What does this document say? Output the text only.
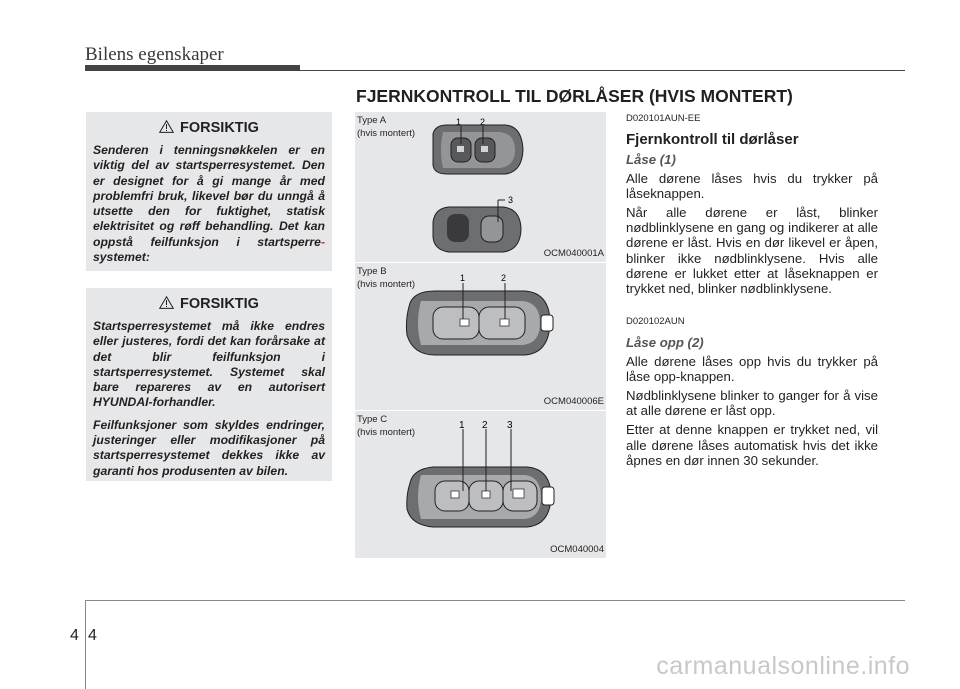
Bilens egenskaper
FJERNKONTROLL TIL DØRLÅSER (HVIS MONTERT)
FORSIKTIG
Senderen i tenningsnøkkelen er en viktig del av startsperresystemet. Den er designet for å gi mange år med problemfri bruk, likevel bør du unngå å utsette den for fuktighet, statisk elektrisitet og røff behandling. Det kan oppstå feilfunksjon i startsperre- systemet:
FORSIKTIG

Startsperresystemet må ikke endres eller justeres, fordi det kan forårsake at det blir feilfunksjon i startsperresystemet. Systemet skal bare repareres av en autorisert HYUNDAI-forhandler.

Feilfunksjoner som skyldes endringer, justeringer eller modifikasjoner på startsperresystemet dekkes ikke av garanti hos produsenten av bilen.

1 2
3
Type A
(hvis montert)
OCM040001A
1	2
Type B
(hvis montert)
OCM040006E
1 2 3
Type C
(hvis montert)
OCM040004
D020101AUN-EE
Fjernkontroll til dørlåser
Låse (1)
Alle dørene låses hvis du trykker på låseknappen.
Når alle dørene er låst, blinker nødblinklysene en gang og indikerer at alle dørene er låst. Hvis en dør likevel er åpen, blinker ikke nødblinklysene. Hvis alle dørene er lukket etter at låseknappen er trykket ned, blinker nødblinklysene.
D020102AUN
Låse opp (2)
Alle dørene låses opp hvis du trykker på låse opp-knappen.
Nødblinklysene blinker to ganger for å vise at alle dørene er låst opp.
Etter at denne knappen er trykket ned, vil alle dørene låses automatisk hvis det ikke åpnes en dør innen 30 sekunder.
4 4
carmanualsonline.info
